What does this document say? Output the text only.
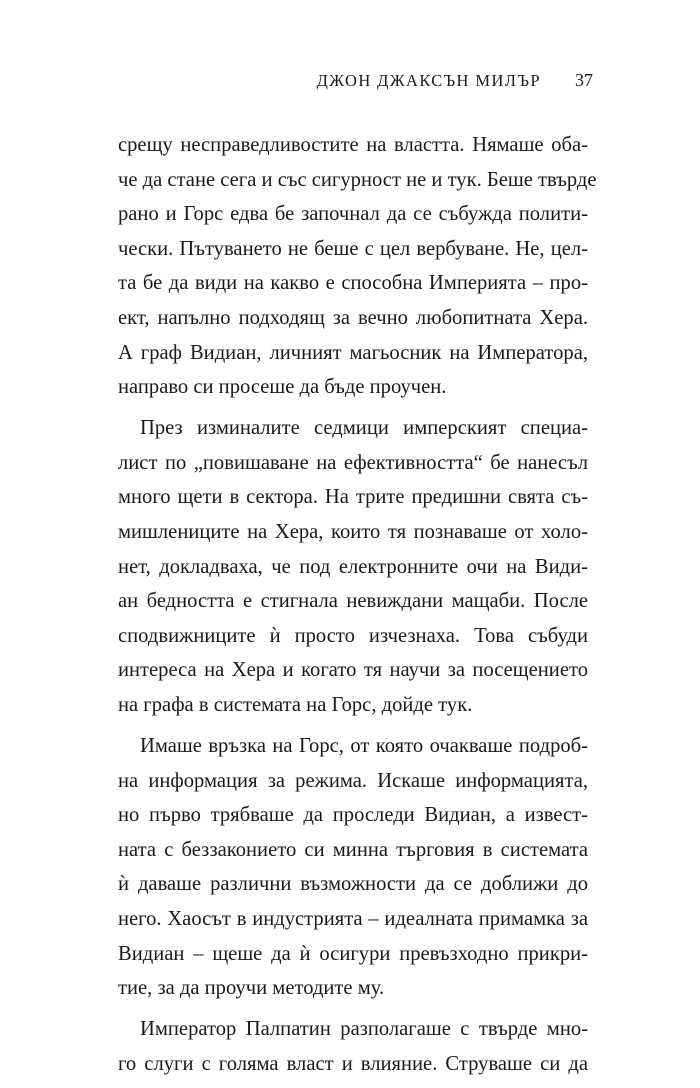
ДЖОН ДЖАКСЪН МИЛЪР 37

срещу несправедливостите на властта. Нямаше оба-
че да стане сега и със сигурност не и тук. Беше твърде
рано и Горс едва бе започнал да се събужда полити-
чески. Пътуването не беше с цел вербуване. Не, цел-
та бе да види на какво е способна Империята – про-
ект, напълно подходящ за вечно любопитната Хера.
А граф Видиан, личният магьосник на Императора,
направо си просеше да бъде проучен.

През изминалите седмици имперският специа-
лист по „повишаване на ефективността“ бе нанесъл
много щети в сектора. На трите предишни свята съ-
мишлениците на Хера, които тя познаваше от холо-
нет, докладваха, че под електронните очи на Види-
ан бедността е стигнала невиждани мащаби. После
сподвижниците ѝ просто изчезнаха. Това събуди
интереса на Хера и когато тя научи за посещението
на графа в системата на Горс, дойде тук.

Имаше връзка на Горс, от която очакваше подроб-
на информация за режима. Искаше информацията,
но първо трябваше да проследи Видиан, а извест-
ната с беззаконието си минна търговия в системата
ѝ даваше различни възможности да се доближи до
него. Хаосът в индустрията – идеалната примамка за
Видиан – щеше да ѝ осигури превъзходно прикри-
тие, за да проучи методите му.

Император Палпатин разполагаше с твърде мно-
го слуги с голяма власт и влияние. Струваше си да
